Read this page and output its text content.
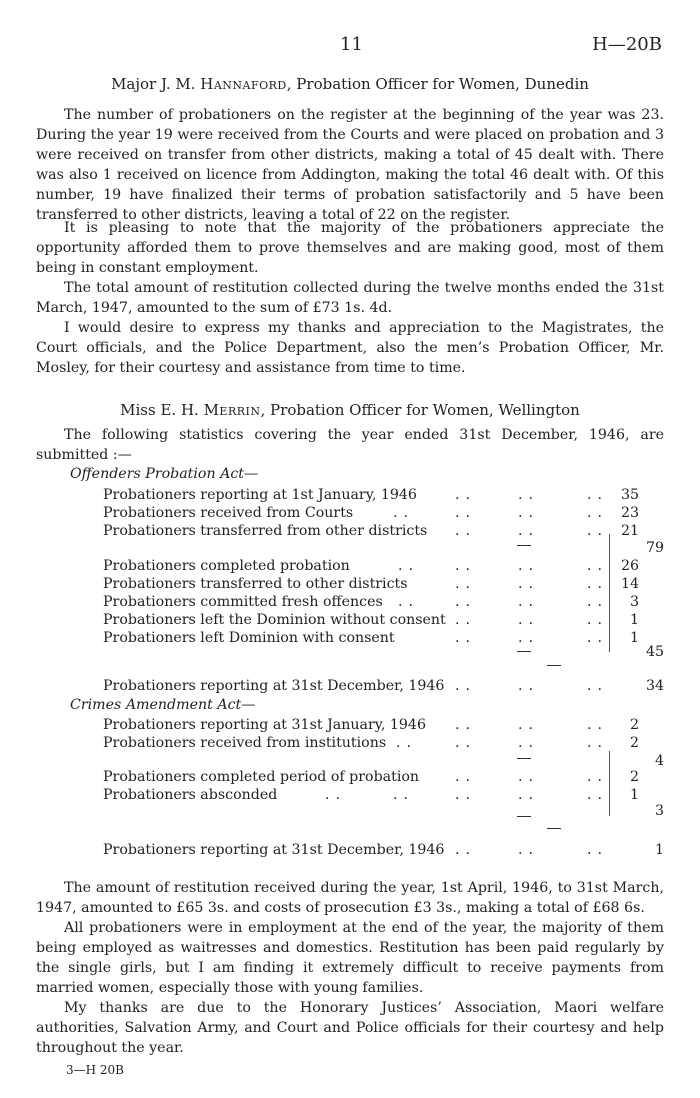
11	H—20B
Major J. M. Hannaford, Probation Officer for Women, Dunedin

The number of probationers on the register at the beginning of the year was 23. During the year 19 were received from the Courts and were placed on probation and 3 were received on transfer from other districts, making a total of 45 dealt with. There was also 1 received on licence from Addington, making the total 46 dealt with. Of this number, 19 have finalized their terms of probation satisfactorily and 5 have been transferred to other districts, leaving a total of 22 on the register.

It is pleasing to note that the majority of the probationers appreciate the opportunity afforded them to prove themselves and are making good, most of them being in constant employment.

The total amount of restitution collected during the twelve months ended the 31st March, 1947, amounted to the sum of £73 1s. 4d.

I would desire to express my thanks and appreciation to the Magistrates, the Court officials, and the Police Department, also the men’s Probation Officer, Mr. Mosley, for their courtesy and assistance from time to time.

Miss E. H. Merrin, Probation Officer for Women, Wellington

The following statistics covering the year ended 31st December, 1946, are submitted :—

Offenders Probation Act—
Probationers reporting at 1st January, 1946	..	..	.. 35
Probationers received from Courts	..	..	..	.. 23
Probationers transferred from other districts ..	..	.. 21
79
Probationers completed probation	..	..	..	.. 26
Probationers transferred to other districts	..	..	.. 14
Probationers committed fresh offences ..	..	..	..	3
Probationers left the Dominion without consent ..	..	..	1
Probationers left Dominion with consent	..	..	..	1
45
Probationers reporting at 31st December, 1946 ..	..	..	34
Crimes Amendment Act—
Probationers reporting at 31st January, 1946 ..	..	..	2
Probationers received from institutions ..	..	..	..	2
4
Probationers completed period of probation	..	..	..	2
Probationers absconded	..	..	..	..	..	1
3
Probationers reporting at 31st December, 1946 ..	..	..	1

The amount of restitution received during the year, 1st April, 1946, to 31st March, 1947, amounted to £65 3s. and costs of prosecution £3 3s., making a total of £68 6s.

All probationers were in employment at the end of the year, the majority of them being employed as waitresses and domestics. Restitution has been paid regularly by the single girls, but I am finding it extremely difficult to receive payments from married women, especially those with young families.

My thanks are due to the Honorary Justices’ Association, Maori welfare authorities, Salvation Army, and Court and Police officials for their courtesy and help throughout the year.

3—H 20B
